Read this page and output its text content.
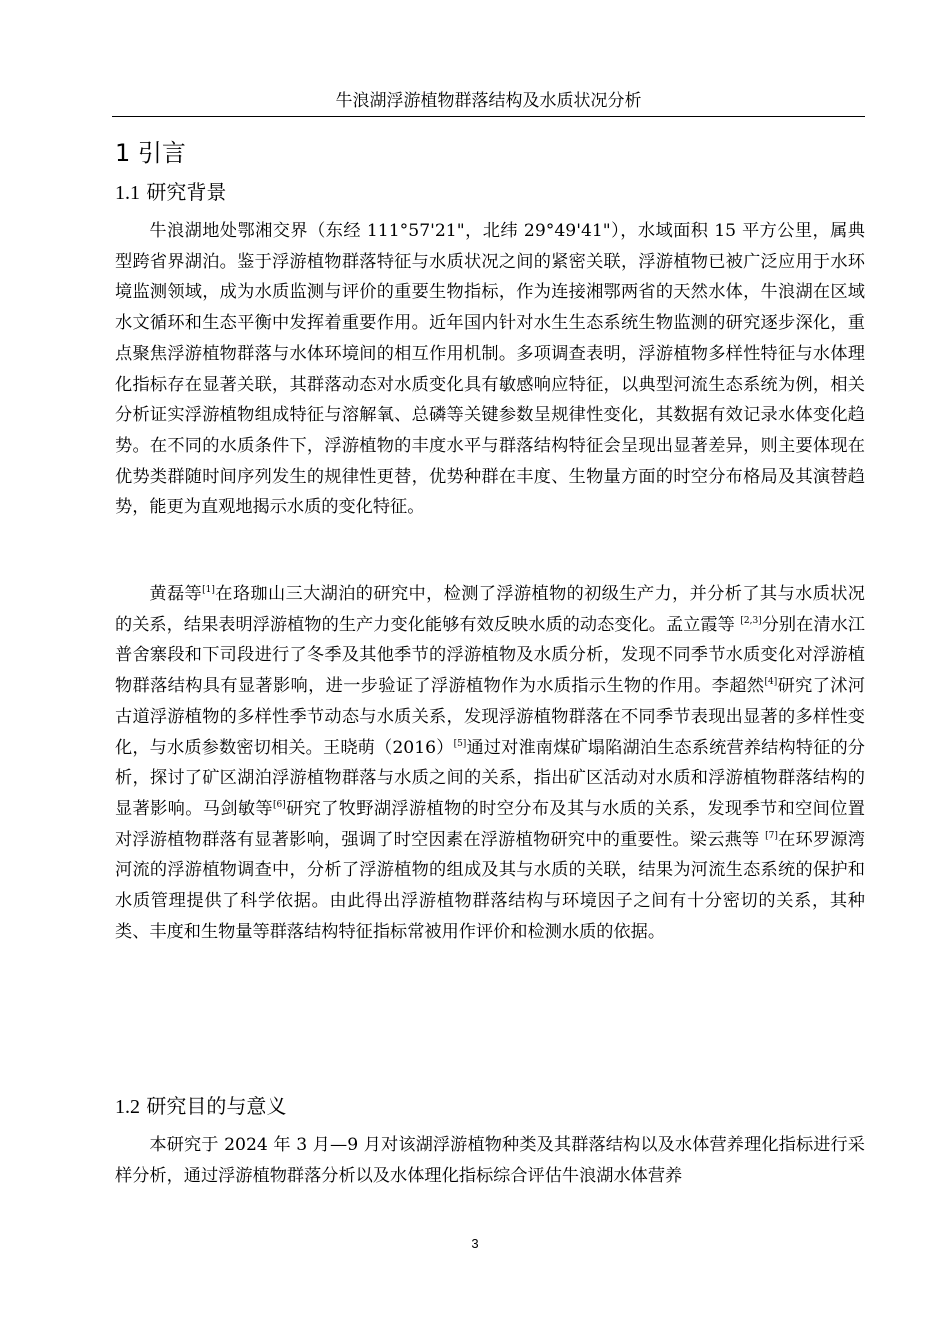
牛浪湖浮游植物群落结构及水质状况分析
1 引言
1.1 研究背景

牛浪湖地处鄂湘交界（东经 111°57'21"，北纬 29°49'41"），水域面积 15 平方公里，属典型跨省界湖泊。鉴于浮游植物群落特征与水质状况之间的紧密关联，浮游植物已被广泛应用于水环境监测领域，成为水质监测与评价的重要生物指标，作为连接湘鄂两省的天然水体，牛浪湖在区域水文循环和生态平衡中发挥着重要作用。近年国内针对水生生态系统生物监测的研究逐步深化，重点聚焦浮游植物群落与水体环境间的相互作用机制。多项调查表明，浮游植物多样性特征与水体理化指标存在显著关联，其群落动态对水质变化具有敏感响应特征，以典型河流生态系统为例，相关分析证实浮游植物组成特征与溶解氧、总磷等关键参数呈规律性变化，其数据有效记录水体变化趋势。在不同的水质条件下，浮游植物的丰度水平与群落结构特征会呈现出显著差异，则主要体现在优势类群随时间序列发生的规律性更替，优势种群在丰度、生物量方面的时空分布格局及其演替趋势，能更为直观地揭示水质的变化特征。

黄磊等[1]在珞珈山三大湖泊的研究中，检测了浮游植物的初级生产力，并分析了其与水质状况的关系，结果表明浮游植物的生产力变化能够有效反映水质的动态变化。孟立霞等 [2,3]分别在清水江普舍寨段和下司段进行了冬季及其他季节的浮游植物及水质分析，发现不同季节水质变化对浮游植物群落结构具有显著影响，进一步验证了浮游植物作为水质指示生物的作用。李超然[4]研究了沭河古道浮游植物的多样性季节动态与水质关系，发现浮游植物群落在不同季节表现出显著的多样性变化，与水质参数密切相关。王晓萌（2016）[5]通过对淮南煤矿塌陷湖泊生态系统营养结构特征的分析，探讨了矿区湖泊浮游植物群落与水质之间的关系，指出矿区活动对水质和浮游植物群落结构的显著影响。马剑敏等[6]研究了牧野湖浮游植物的时空分布及其与水质的关系，发现季节和空间位置对浮游植物群落有显著影响，强调了时空因素在浮游植物研究中的重要性。梁云燕等 [7]在环罗源湾河流的浮游植物调查中，分析了浮游植物的组成及其与水质的关联，结果为河流生态系统的保护和水质管理提供了科学依据。由此得出浮游植物群落结构与环境因子之间有十分密切的关系，其种类、丰度和生物量等群落结构特征指标常被用作评价和检测水质的依据。

1.2 研究目的与意义

本研究于 2024 年 3 月—9 月对该湖浮游植物种类及其群落结构以及水体营养理化指标进行采样分析，通过浮游植物群落分析以及水体理化指标综合评估牛浪湖水体营养

3
